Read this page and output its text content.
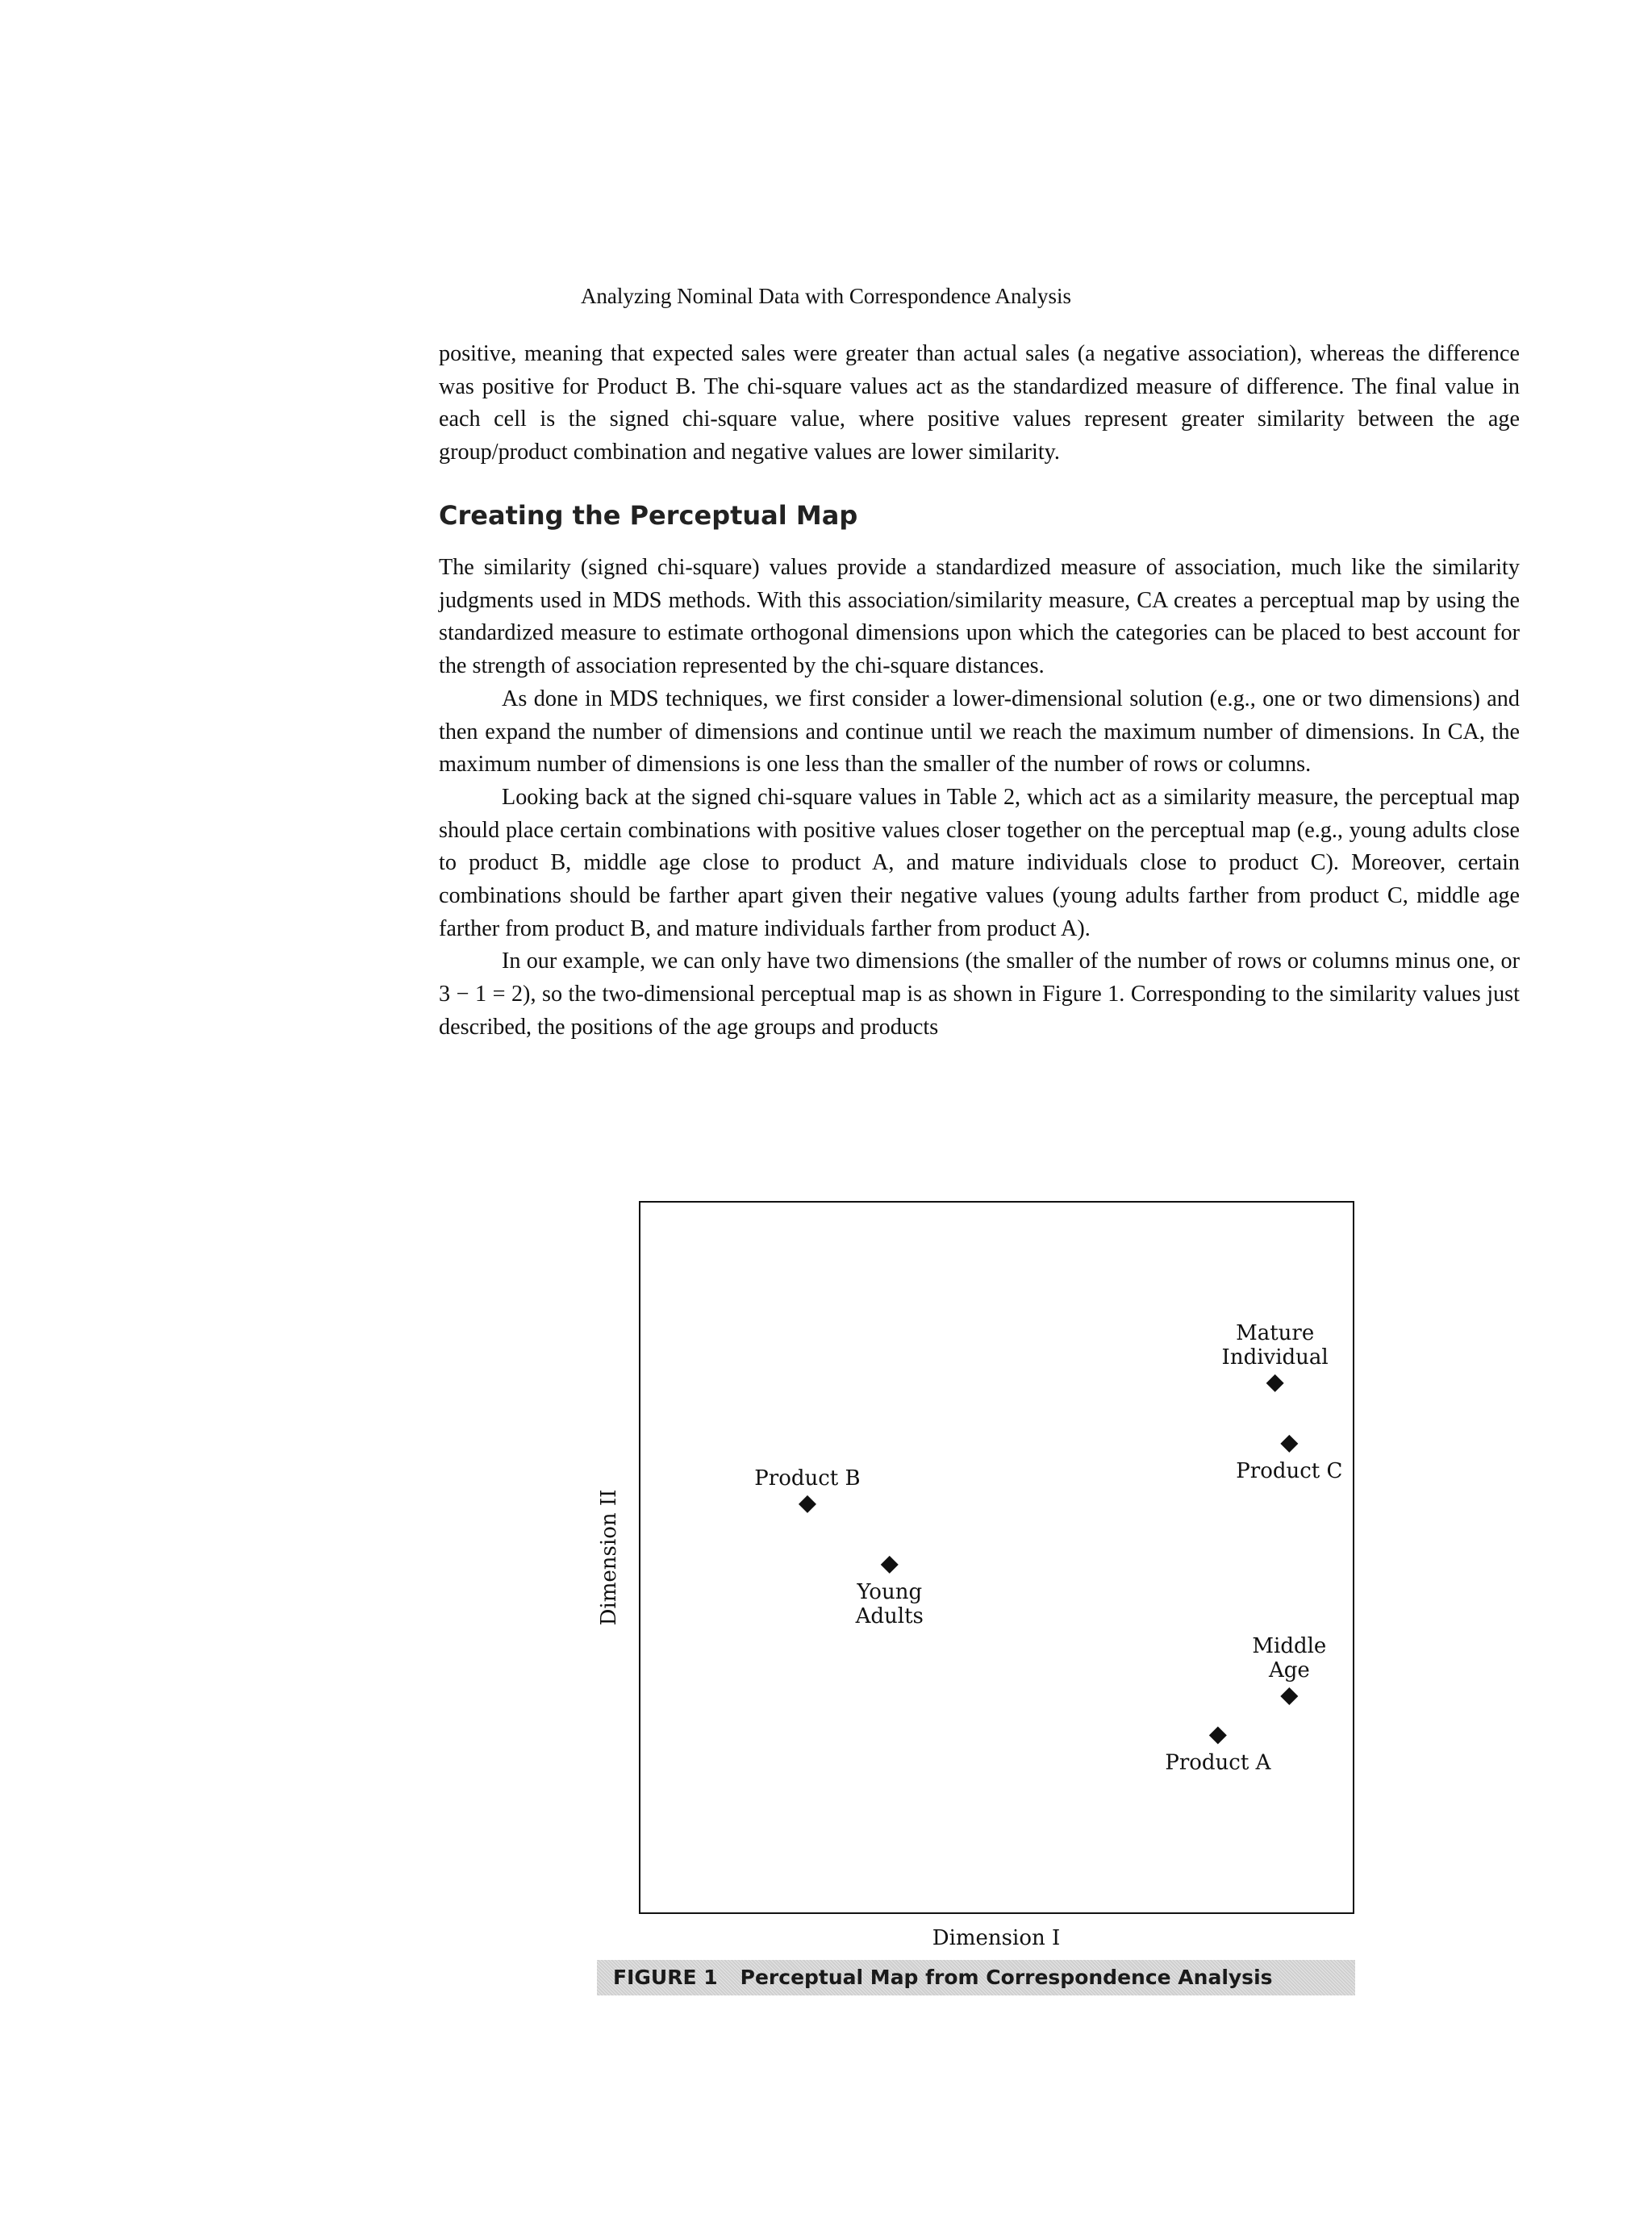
Analyzing Nominal Data with Correspondence Analysis

positive, meaning that expected sales were greater than actual sales (a negative association), whereas the difference was positive for Product B. The chi-square values act as the standardized measure of difference. The final value in each cell is the signed chi-square value, where positive values represent greater similarity between the age group/product combination and negative values are lower similarity.

Creating the Perceptual Map

The similarity (signed chi-square) values provide a standardized measure of association, much like the similarity judgments used in MDS methods. With this association/similarity measure, CA creates a perceptual map by using the standardized measure to estimate orthogonal dimensions upon which the categories can be placed to best account for the strength of association represented by the chi-square distances.

As done in MDS techniques, we first consider a lower-dimensional solution (e.g., one or two dimensions) and then expand the number of dimensions and continue until we reach the maximum number of dimensions. In CA, the maximum number of dimensions is one less than the smaller of the number of rows or columns.

Looking back at the signed chi-square values in Table 2, which act as a similarity measure, the perceptual map should place certain combinations with positive values closer together on the perceptual map (e.g., young adults close to product B, middle age close to product A, and mature individuals close to product C). Moreover, certain combinations should be farther apart given their negative values (young adults farther from product C, middle age farther from product B, and mature individuals farther from product A).

In our example, we can only have two dimensions (the smaller of the number of rows or columns minus one, or 3 − 1 = 2), so the two-dimensional perceptual map is as shown in Figure 1. Corresponding to the similarity values just described, the positions of the age groups and products

Dimension II
Dimension I
Mature
Individual
Product C
Product B
Young
Adults
Middle
Age
Product A
FIGURE 1 Perceptual Map from Correspondence Analysis
